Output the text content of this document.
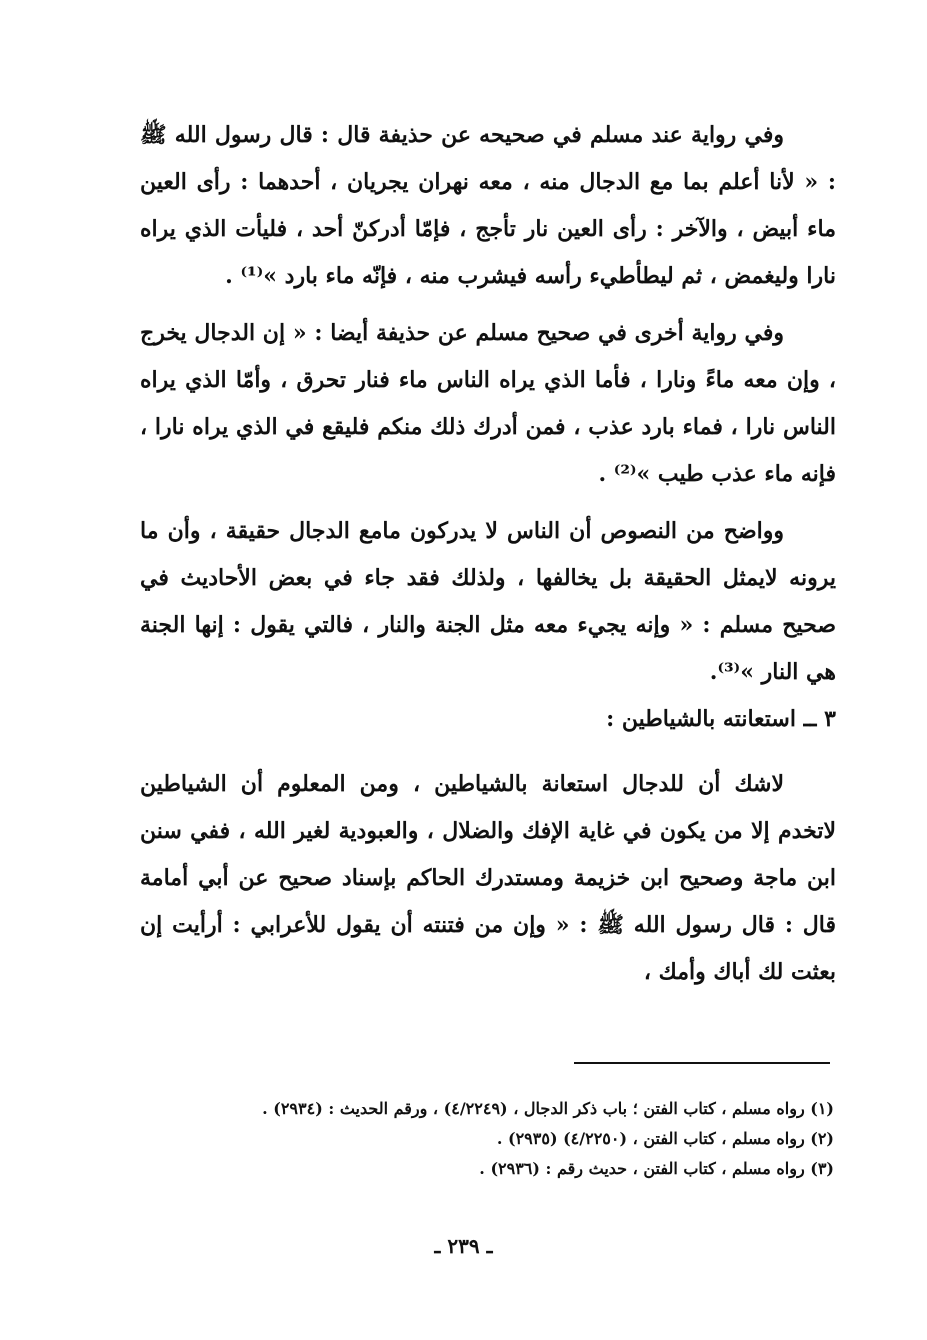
وفي رواية عند مسلم في صحيحه عن حذيفة قال : قال رسول الله ﷺ : « لأنا أعلم بما مع الدجال منه ، معه نهران يجريان ، أحدهما : رأى العين ماء أبيض ، والآخر : رأى العين نار تأجج ، فإمّا أدركنّ أحد ، فليأت الذي يراه نارا وليغمض ، ثم ليطأطيء رأسه فيشرب منه ، فإنّه ماء بارد »⁽¹⁾ .

وفي رواية أخرى في صحيح مسلم عن حذيفة أيضا : « إن الدجال يخرج ، وإن معه ماءً ونارا ، فأما الذي يراه الناس ماء فنار تحرق ، وأمّا الذي يراه الناس نارا ، فماء بارد عذب ، فمن أدرك ذلك منكم فليقع في الذي يراه نارا ، فإنه ماء عذب طيب »⁽²⁾ .

وواضح من النصوص أن الناس لا يدركون مامع الدجال حقيقة ، وأن ما يرونه لايمثل الحقيقة بل يخالفها ، ولذلك فقد جاء في بعض الأحاديث في صحيح مسلم : « وإنه يجيء معه مثل الجنة والنار ، فالتي يقول : إنها الجنة هي النار »⁽³⁾.

٣ ــ استعانته بالشياطين :

لاشك أن للدجال استعانة بالشياطين ، ومن المعلوم أن الشياطين لاتخدم إلا من يكون في غاية الإفك والضلال ، والعبودية لغير الله ، ففي سنن ابن ماجة وصحيح ابن خزيمة ومستدرك الحاكم بإسناد صحيح عن أبي أمامة قال : قال رسول الله ﷺ : « وإن من فتنته أن يقول للأعرابي : أرأيت إن بعثت لك أباك وأمك ،

(١) رواه مسلم ، كتاب الفتن ؛ باب ذكر الدجال ، (٤/٢٢٤٩) ، ورقم الحديث : (٢٩٣٤) .

(٢) رواه مسلم ، كتاب الفتن ، (٤/٢٢٥٠) (٢٩٣٥) .

(٣) رواه مسلم ، كتاب الفتن ، حديث رقم : (٢٩٣٦) .

ـ ٢٣٩ ـ
